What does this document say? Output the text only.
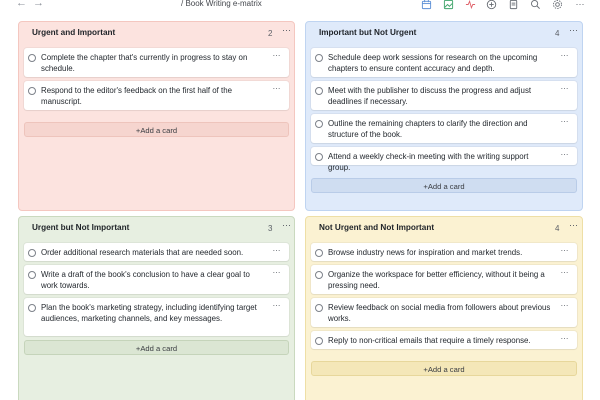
← →	/ Book Writing e-matrix	⋯
Urgent and Important	2 ⋯
Complete the chapter that's currently in progress to stay on schedule.
⋯
Respond to the editor's feedback on the first half of the manuscript.
⋯
+Add a card
Important but Not Urgent	4 ⋯
Schedule deep work sessions for research on the upcoming chapters to ensure content accuracy and depth.
⋯
Meet with the publisher to discuss the progress and adjust deadlines if necessary.
⋯
Outline the remaining chapters to clarify the direction and structure of the book.
⋯
Attend a weekly check-in meeting with the writing support group.
⋯
+Add a card
Urgent but Not Important	3 ⋯
Order additional research materials that are needed soon.	⋯
Write a draft of the book's conclusion to have a clear goal to work towards.
⋯
Plan the book's marketing strategy, including identifying target audiences, marketing channels, and key messages.
⋯
+Add a card
Not Urgent and Not Important	4 ⋯
Browse industry news for inspiration and market trends.	⋯
Organize the workspace for better efficiency, without it being a pressing need.
⋯
Review feedback on social media from followers about previous works.
⋯
Reply to non-critical emails that require a timely response.	⋯
+Add a card
